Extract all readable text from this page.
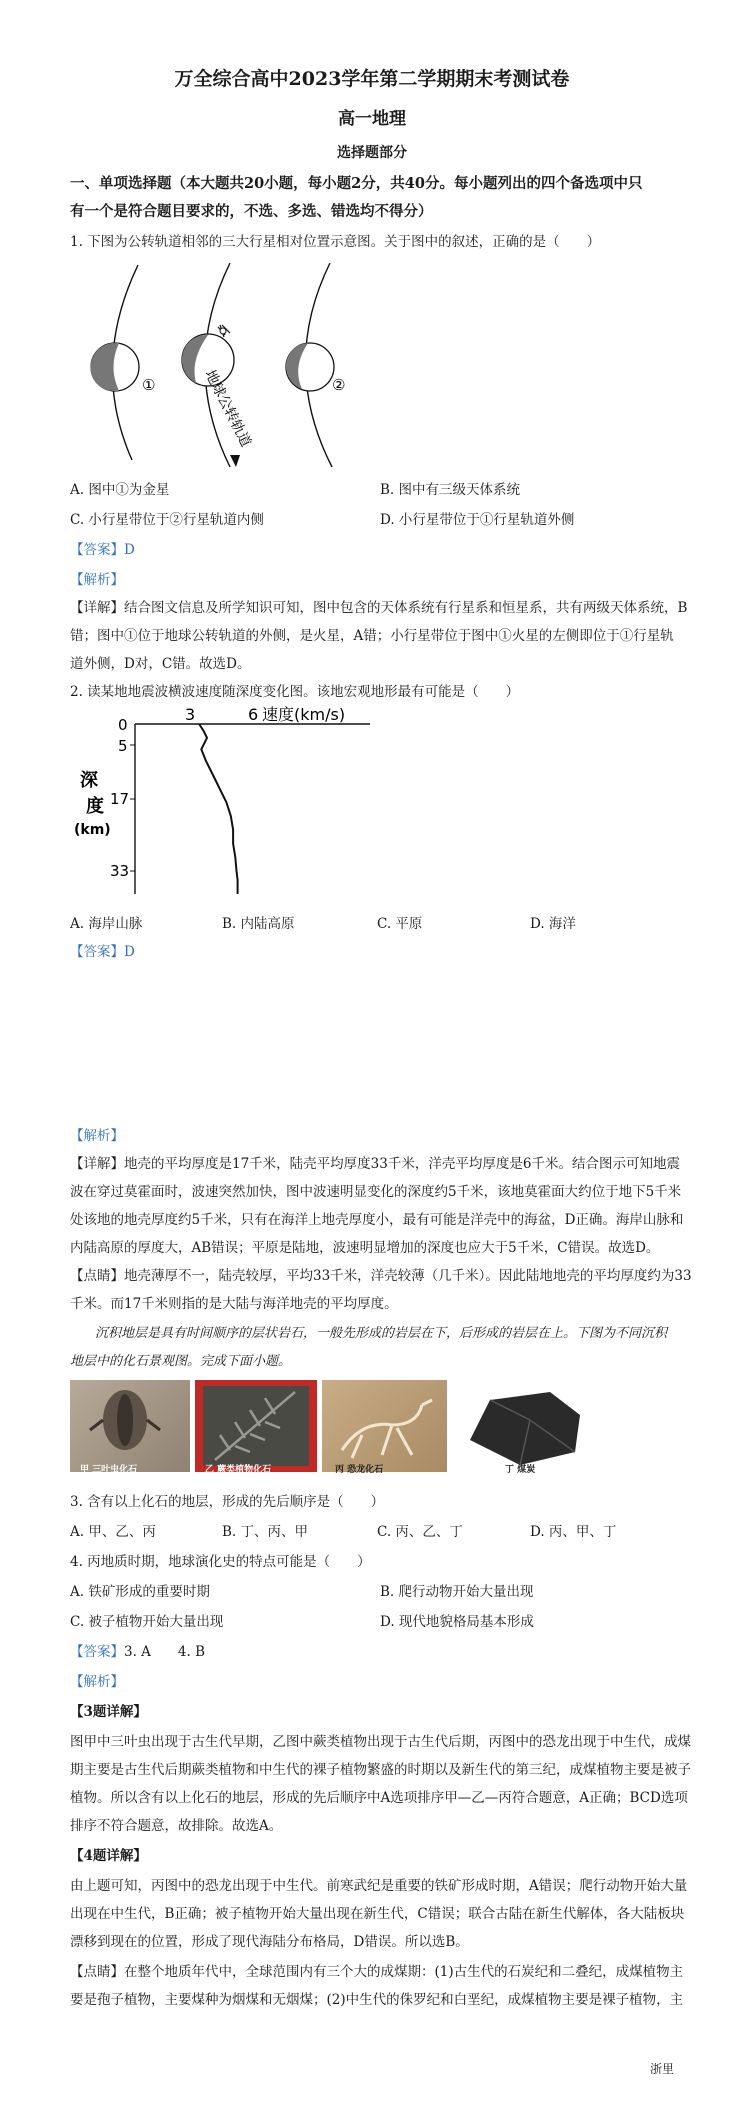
万全综合高中2023学年第二学期期末考测试卷
高一地理
选择题部分
一、单项选择题（本大题共20小题，每小题2分，共40分。每小题列出的四个备选项中只
有一个是符合题目要求的，不选、多选、错选均不得分）
1. 下图为公转轨道相邻的三大行星相对位置示意图。关于图中的叙述，正确的是（　　）
①	②
地球公转轨道
A. 图中①为金星	B. 图中有三级天体系统
C. 小行星带位于②行星轨道内侧	D. 小行星带位于①行星轨道外侧
【答案】D
【解析】
【详解】结合图文信息及所学知识可知，图中包含的天体系统有行星系和恒星系，共有两级天体系统，B
错；图中①位于地球公转轨道的外侧，是火星，A错；小行星带位于图中①火星的左侧即位于①行星轨
道外侧，D对，C错。故选D。
2. 读某地地震波横波速度随深度变化图。该地宏观地形最有可能是（　　）
3	6 速度(km/s)
0
5
17
33
深
度
(km)
A. 海岸山脉	B. 内陆高原	C. 平原	D. 海洋
【答案】D
【解析】
【详解】地壳的平均厚度是17千米，陆壳平均厚度33千米，洋壳平均厚度是6千米。结合图示可知地震
波在穿过莫霍面时，波速突然加快，图中波速明显变化的深度约5千米，该地莫霍面大约位于地下5千米
处该地的地壳厚度约5千米，只有在海洋上地壳厚度小，最有可能是洋壳中的海盆，D正确。海岸山脉和
内陆高原的厚度大，AB错误；平原是陆地，波速明显增加的深度也应大于5千米，C错误。故选D。
【点睛】地壳薄厚不一，陆壳较厚，平均33千米，洋壳较薄（几千米）。因此陆地地壳的平均厚度约为33
千米。而17千米则指的是大陆与海洋地壳的平均厚度。
沉积地层是具有时间顺序的层状岩石，一般先形成的岩层在下，后形成的岩层在上。下图为不同沉积
地层中的化石景观图。完成下面小题。
甲 三叶虫化石	乙 蕨类植物化石	丙 恐龙化石	丁 煤炭
3. 含有以上化石的地层，形成的先后顺序是（　　）
A. 甲、乙、丙	B. 丁、丙、甲	C. 丙、乙、丁	D. 丙、甲、丁
4. 丙地质时期，地球演化史的特点可能是（　　）
A. 铁矿形成的重要时期	B. 爬行动物开始大量出现
C. 被子植物开始大量出现	D. 现代地貌格局基本形成
【答案】3. A　　4. B
【解析】
【3题详解】
图甲中三叶虫出现于古生代早期，乙图中蕨类植物出现于古生代后期，丙图中的恐龙出现于中生代，成煤
期主要是古生代后期蕨类植物和中生代的裸子植物繁盛的时期以及新生代的第三纪，成煤植物主要是被子
植物。所以含有以上化石的地层，形成的先后顺序中A选项排序甲—乙—丙符合题意，A正确；BCD选项
排序不符合题意，故排除。故选A。
【4题详解】
由上题可知，丙图中的恐龙出现于中生代。前寒武纪是重要的铁矿形成时期，A错误；爬行动物开始大量
出现在中生代，B正确；被子植物开始大量出现在新生代，C错误；联合古陆在新生代解体，各大陆板块
漂移到现在的位置，形成了现代海陆分布格局，D错误。所以选B。
【点睛】在整个地质年代中，全球范围内有三个大的成煤期：(1)古生代的石炭纪和二叠纪，成煤植物主
要是孢子植物，主要煤种为烟煤和无烟煤；(2)中生代的侏罗纪和白垩纪，成煤植物主要是裸子植物，主
浙里
